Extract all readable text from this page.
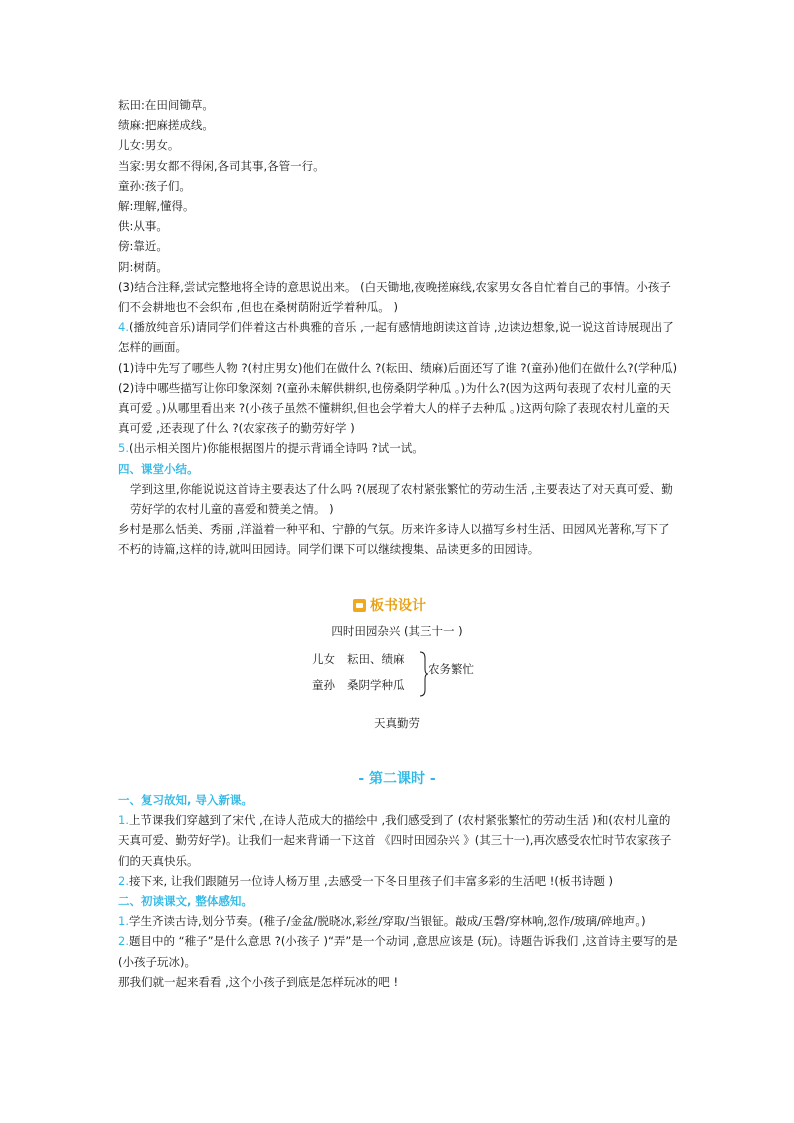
耘田:在田间锄草。
绩麻:把麻搓成线。
儿女:男女。
当家:男女都不得闲,各司其事,各管一行。
童孙:孩子们。
解:理解,懂得。
供:从事。
傍:靠近。
阴:树荫。
(3)结合注释,尝试完整地将全诗的意思说出来。 (白天锄地,夜晚搓麻线,农家男女各自忙着自己的事情。小孩子们不会耕地也不会织布 ,但也在桑树荫附近学着种瓜。 )
4.(播放纯音乐)请同学们伴着这古朴典雅的音乐 ,一起有感情地朗读这首诗 ,边读边想象,说一说这首诗展现出了怎样的画面。
(1)诗中先写了哪些人物 ?(村庄男女)他们在做什么 ?(耘田、绩麻)后面还写了谁 ?(童孙)他们在做什么?(学种瓜)
(2)诗中哪些描写让你印象深刻 ?(童孙未解供耕织,也傍桑阴学种瓜 。)为什么?(因为这两句表现了农村儿童的天真可爱 。)从哪里看出来 ?(小孩子虽然不懂耕织,但也会学着大人的样子去种瓜 。)这两句除了表现农村儿童的天真可爱 ,还表现了什么 ?(农家孩子的勤劳好学 )
5.(出示相关图片)你能根据图片的提示背诵全诗吗 ?试一试。
四、课堂小结。
学到这里,你能说说这首诗主要表达了什么吗 ?(展现了农村紧张繁忙的劳动生活 ,主要表达了对天真可爱、勤劳好学的农村儿童的喜爱和赞美之情。 )
乡村是那么恬美、秀丽 ,洋溢着一种平和、宁静的气氛。历来许多诗人以描写乡村生活、田园风光著称,写下了不朽的诗篇,这样的诗,就叫田园诗。同学们课下可以继续搜集、品读更多的田园诗。
板书设计
四时田园杂兴 (其三十一 )
儿女 耘田、绩麻
童孙 桑阴学种瓜
农务繁忙
天真勤劳
- 第二课时 -
一、复习故知, 导入新课。
1.上节课我们穿越到了宋代 ,在诗人范成大的描绘中 ,我们感受到了 (农村紧张繁忙的劳动生活 )和(农村儿童的天真可爱、勤劳好学)。让我们一起来背诵一下这首 《四时田园杂兴 》(其三十一),再次感受农忙时节农家孩子们的天真快乐。
2.接下来, 让我们跟随另一位诗人杨万里 ,去感受一下冬日里孩子们丰富多彩的生活吧 !(板书诗题 )
二、初读课文, 整体感知。
1.学生齐读古诗,划分节奏。(稚子/金盆/脱晓冰,彩丝/穿取/当银钲。敲成/玉磬/穿林响,忽作/玻璃/碎地声。)
2.题目中的 “稚子”是什么意思 ?(小孩子 )“弄”是一个动词 ,意思应该是 (玩)。诗题告诉我们 ,这首诗主要写的是(小孩子玩冰)。
那我们就一起来看看 ,这个小孩子到底是怎样玩冰的吧 !
